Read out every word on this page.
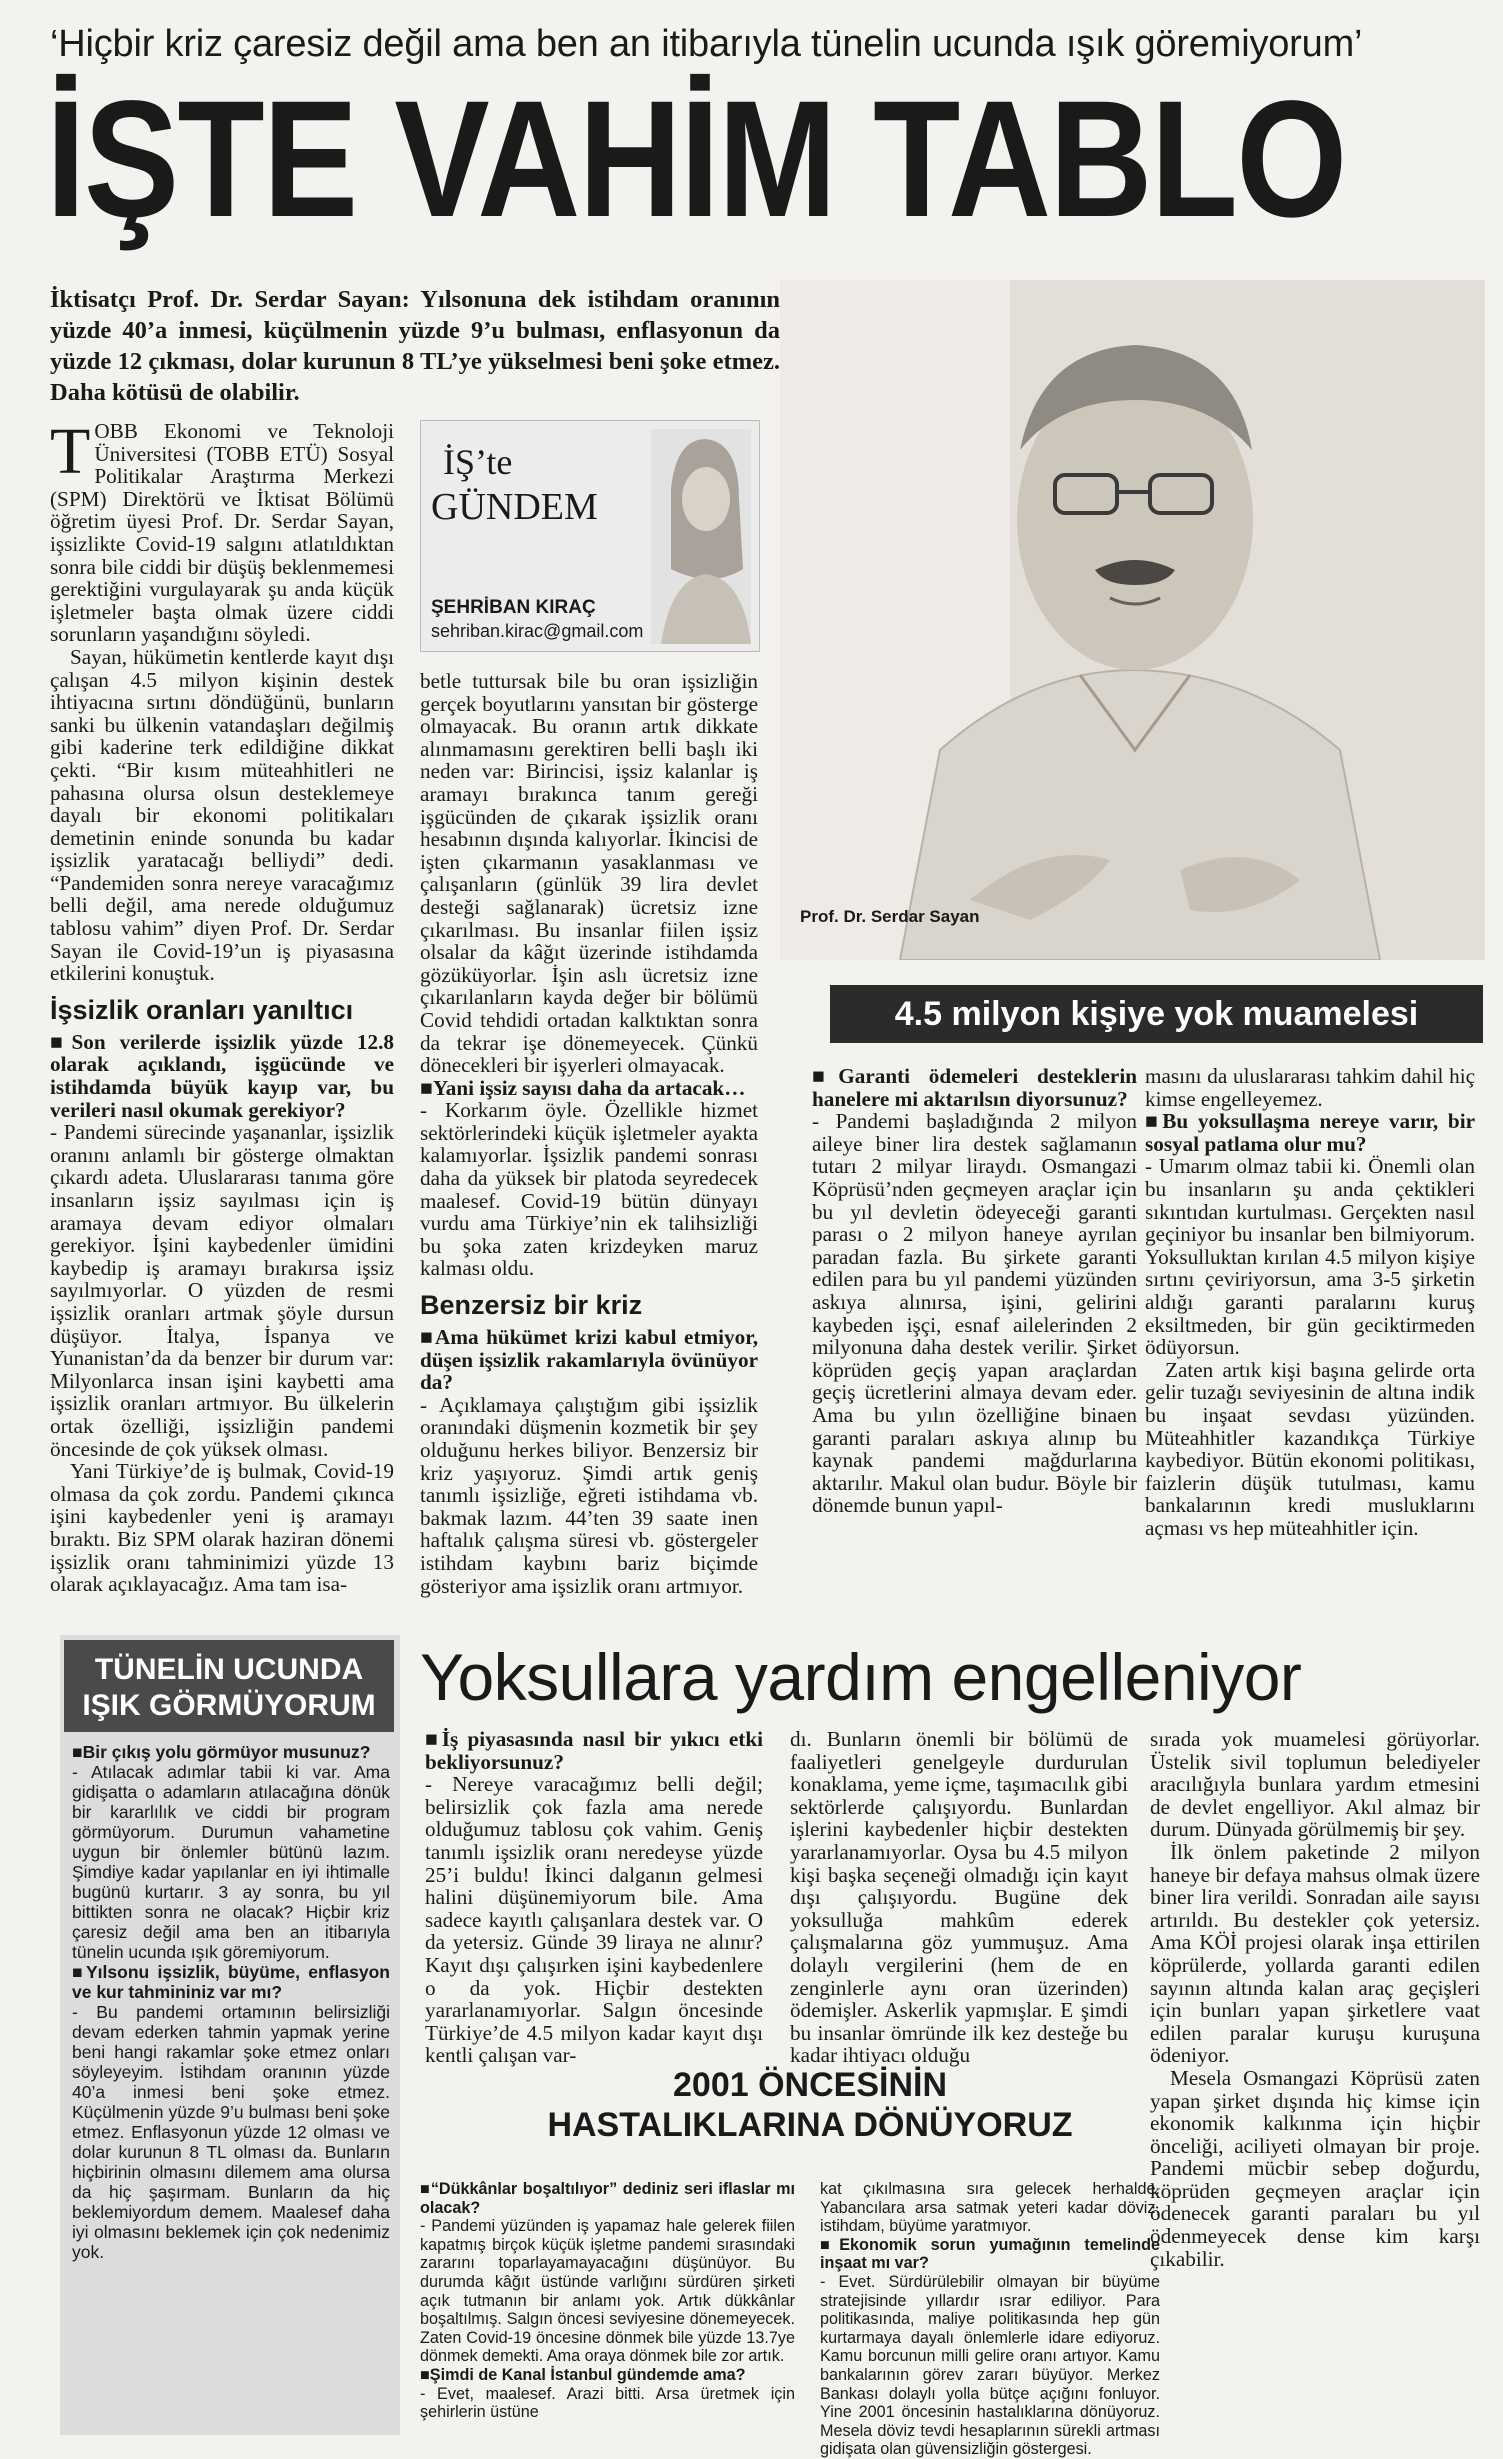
‘Hiçbir kriz çaresiz değil ama ben an itibarıyla tünelin ucunda ışık göremiyorum’
İŞTE VAHİM TABLO
İktisatçı Prof. Dr. Serdar Sayan: Yılsonuna dek istihdam oranının yüzde 40’a inmesi, küçülmenin yüzde 9’u bulması, enflasyonun da yüzde 12 çıkması, dolar kurunun 8 TL’ye yükselmesi beni şoke etmez. Daha kötüsü de olabilir.
Prof. Dr. Serdar Sayan
İŞ’te
GÜNDEM
ŞEHRİBAN KIRAÇ
sehriban.kirac@gmail.com

TOBB Ekonomi ve Teknoloji Üniversitesi (TOBB ETÜ) Sosyal Politikalar Araştırma Merkezi (SPM) Direktörü ve İktisat Bölümü öğretim üyesi Prof. Dr. Serdar Sayan, işsizlikte Covid-19 salgını atlatıldıktan sonra bile ciddi bir düşüş beklenmemesi gerektiğini vurgulayarak şu anda küçük işletmeler başta olmak üzere ciddi sorunların yaşandığını söyledi.

Sayan, hükümetin kentlerde kayıt dışı çalışan 4.5 milyon kişinin destek ihtiyacına sırtını döndüğünü, bunların sanki bu ülkenin vatandaşları değilmiş gibi kaderine terk edildiğine dikkat çekti. “Bir kısım müteahhitleri ne pahasına olursa olsun desteklemeye dayalı bir ekonomi politikaları demetinin eninde sonunda bu kadar işsizlik yaratacağı belliydi” dedi. “Pandemiden sonra nereye varacağımız belli değil, ama nerede olduğumuz tablosu vahim” diyen Prof. Dr. Serdar Sayan ile Covid-19’un iş piyasasına etkilerini konuştuk.

İşsizlik oranları yanıltıcı

■ Son verilerde işsizlik yüzde 12.8 olarak açıklandı, işgücünde ve istihdamda büyük kayıp var, bu verileri nasıl okumak gerekiyor?

- Pandemi sürecinde yaşananlar, işsizlik oranını anlamlı bir gösterge olmaktan çıkardı adeta. Uluslararası tanıma göre insanların işsiz sayılması için iş aramaya devam ediyor olmaları gerekiyor. İşini kaybedenler ümidini kaybedip iş aramayı bırakırsa işsiz sayılmıyorlar. O yüzden de resmi işsizlik oranları artmak şöyle dursun düşüyor. İtalya, İspanya ve Yunanistan’da da benzer bir durum var: Milyonlarca insan işini kaybetti ama işsizlik oranları artmıyor. Bu ülkelerin ortak özelliği, işsizliğin pandemi öncesinde de çok yüksek olması.

Yani Türkiye’de iş bulmak, Covid-19 olmasa da çok zordu. Pandemi çıkınca işini kaybedenler yeni iş aramayı bıraktı. Biz SPM olarak haziran dönemi işsizlik oranı tahminimizi yüzde 13 olarak açıklayacağız. Ama tam isa-

betle tuttursak bile bu oran işsizliğin gerçek boyutlarını yansıtan bir gösterge olmayacak. Bu oranın artık dikkate alınmamasını gerektiren belli başlı iki neden var: Birincisi, işsiz kalanlar iş aramayı bırakınca tanım gereği işgücünden de çıkarak işsizlik oranı hesabının dışında kalıyorlar. İkincisi de işten çıkarmanın yasaklanması ve çalışanların (günlük 39 lira devlet desteği sağlanarak) ücretsiz izne çıkarılması. Bu insanlar fiilen işsiz olsalar da kâğıt üzerinde istihdamda gözüküyorlar. İşin aslı ücretsiz izne çıkarılanların kayda değer bir bölümü Covid tehdidi ortadan kalktıktan sonra da tekrar işe dönemeyecek. Çünkü dönecekleri bir işyerleri olmayacak.

■ Yani işsiz sayısı daha da artacak…

- Korkarım öyle. Özellikle hizmet sektörlerindeki küçük işletmeler ayakta kalamıyorlar. İşsizlik pandemi sonrası daha da yüksek bir platoda seyredecek maalesef. Covid-19 bütün dünyayı vurdu ama Türkiye’nin ek talihsizliği bu şoka zaten krizdeyken maruz kalması oldu.

Benzersiz bir kriz

■ Ama hükümet krizi kabul etmiyor, düşen işsizlik rakamlarıyla övünüyor da?

- Açıklamaya çalıştığım gibi işsizlik oranındaki düşmenin kozmetik bir şey olduğunu herkes biliyor. Benzersiz bir kriz yaşıyoruz. Şimdi artık geniş tanımlı işsizliğe, eğreti istihdama vb. bakmak lazım. 44’ten 39 saate inen haftalık çalışma süresi vb. göstergeler istihdam kaybını bariz biçimde gösteriyor ama işsizlik oranı artmıyor.

4.5 milyon kişiye yok muamelesi

■ Garanti ödemeleri desteklerin hanelere mi aktarılsın diyorsunuz?

- Pandemi başladığında 2 milyon aileye biner lira destek sağlamanın tutarı 2 milyar liraydı. Osmangazi Köprüsü’nden geçmeyen araçlar için bu yıl devletin ödeyeceği garanti parası o 2 milyon haneye ayrılan paradan fazla. Bu şirkete garanti edilen para bu yıl pandemi yüzünden askıya alınırsa, işini, gelirini kaybeden işçi, esnaf ailelerinden 2 milyonuna daha destek verilir. Şirket köprüden geçiş yapan araçlardan geçiş ücretlerini almaya devam eder. Ama bu yılın özelliğine binaen garanti paraları askıya alınıp bu kaynak pandemi mağdurlarına aktarılır. Makul olan budur. Böyle bir dönemde bunun yapıl-

masını da uluslararası tahkim dahil hiç kimse engelleyemez.

■ Bu yoksullaşma nereye varır, bir sosyal patlama olur mu?

- Umarım olmaz tabii ki. Önemli olan bu insanların şu anda çektikleri sıkıntıdan kurtulması. Gerçekten nasıl geçiniyor bu insanlar ben bilmiyorum. Yoksulluktan kırılan 4.5 milyon kişiye sırtını çeviriyorsun, ama 3-5 şirketin aldığı garanti paralarını kuruş eksiltmeden, bir gün geciktirmeden ödüyorsun.

Zaten artık kişi başına gelirde orta gelir tuzağı seviyesinin de altına indik bu inşaat sevdası yüzünden. Müteahhitler kazandıkça Türkiye kaybediyor. Bütün ekonomi politikası, faizlerin düşük tutulması, kamu bankalarının kredi musluklarını açması vs hep müteahhitler için.

TÜNELİN UCUNDA
IŞIK GÖRMÜYORUM

■ Bir çıkış yolu görmüyor musunuz?

- Atılacak adımlar tabii ki var. Ama gidişatta o adamların atılacağına dönük bir kararlılık ve ciddi bir program görmüyorum. Durumun vahametine uygun bir önlemler bütünü lazım. Şimdiye kadar yapılanlar en iyi ihtimalle bugünü kurtarır. 3 ay sonra, bu yıl bittikten sonra ne olacak? Hiçbir kriz çaresiz değil ama ben an itibarıyla tünelin ucunda ışık göremiyorum.

■ Yılsonu işsizlik, büyüme, enflasyon ve kur tahmininiz var mı?

- Bu pandemi ortamının belirsizliği devam ederken tahmin yapmak yerine beni hangi rakamlar şoke etmez onları söyleyeyim. İstihdam oranının yüzde 40’a inmesi beni şoke etmez. Küçülmenin yüzde 9’u bulması beni şoke etmez. Enflasyonun yüzde 12 olması ve dolar kurunun 8 TL olması da. Bunların hiçbirinin olmasını dilemem ama olursa da hiç şaşırmam. Bunların da hiç beklemiyordum demem. Maalesef daha iyi olmasını beklemek için çok nedenimiz yok.

Yoksullara yardım engelleniyor

■ İş piyasasında nasıl bir yıkıcı etki bekliyorsunuz?

- Nereye varacağımız belli değil; belirsizlik çok fazla ama nerede olduğumuz tablosu çok vahim. Geniş tanımlı işsizlik oranı neredeyse yüzde 25’i buldu! İkinci dalganın gelmesi halini düşünemiyorum bile. Ama sadece kayıtlı çalışanlara destek var. O da yetersiz. Günde 39 liraya ne alınır? Kayıt dışı çalışırken işini kaybedenlere o da yok. Hiçbir destekten yararlanamıyorlar. Salgın öncesinde Türkiye’de 4.5 milyon kadar kayıt dışı kentli çalışan var-

dı. Bunların önemli bir bölümü de faaliyetleri genelgeyle durdurulan konaklama, yeme içme, taşımacılık gibi sektörlerde çalışıyordu. Bunlardan işlerini kaybedenler hiçbir destekten yararlanamıyorlar. Oysa bu 4.5 milyon kişi başka seçeneği olmadığı için kayıt dışı çalışıyordu. Bugüne dek yoksulluğa mahkûm ederek çalışmalarına göz yummuşuz. Ama dolaylı vergilerini (hem de en zenginlerle aynı oran üzerinden) ödemişler. Askerlik yapmışlar. E şimdi bu insanlar ömründe ilk kez desteğe bu kadar ihtiyacı olduğu

sırada yok muamelesi görüyorlar. Üstelik sivil toplumun belediyeler aracılığıyla bunlara yardım etmesini de devlet engelliyor. Akıl almaz bir durum. Dünyada görülmemiş bir şey.

İlk önlem paketinde 2 milyon haneye bir defaya mahsus olmak üzere biner lira verildi. Sonradan aile sayısı artırıldı. Bu destekler çok yetersiz. Ama KÖİ projesi olarak inşa ettirilen köprülerde, yollarda garanti edilen sayının altında kalan araç geçişleri için bunları yapan şirketlere vaat edilen paralar kuruşu kuruşuna ödeniyor.

Mesela Osmangazi Köprüsü zaten yapan şirket dışında hiç kimse için ekonomik kalkınma için hiçbir önceliği, aciliyeti olmayan bir proje. Pandemi mücbir sebep doğurdu, köprüden geçmeyen araçlar için ödenecek garanti paraları bu yıl ödenmeyecek dense kim karşı çıkabilir.

2001 ÖNCESİNİN
HASTALIKLARINA DÖNÜYORUZ

■ “Dükkânlar boşaltılıyor” dediniz seri iflaslar mı olacak?

- Pandemi yüzünden iş yapamaz hale gelerek fiilen kapatmış birçok küçük işletme pandemi sırasındaki zararını toparlayamayacağını düşünüyor. Bu durumda kâğıt üstünde varlığını sürdüren şirketi açık tutmanın bir anlamı yok. Artık dükkânlar boşaltılmış. Salgın öncesi seviyesine dönemeyecek. Zaten Covid-19 öncesine dönmek bile yüzde 13.7ye dönmek demekti. Ama oraya dönmek bile zor artık.

■ Şimdi de Kanal İstanbul gündemde ama?

- Evet, maalesef. Arazi bitti. Arsa üretmek için şehirlerin üstüne

kat çıkılmasına sıra gelecek herhalde. Yabancılara arsa satmak yeteri kadar döviz, istihdam, büyüme yaratmıyor.

■ Ekonomik sorun yumağının temelinde inşaat mı var?

- Evet. Sürdürülebilir olmayan bir büyüme stratejisinde yıllardır ısrar ediliyor. Para politikasında, maliye politikasında hep gün kurtarmaya dayalı önlemlerle idare ediyoruz. Kamu borcunun milli gelire oranı artıyor. Kamu bankalarının görev zararı büyüyor. Merkez Bankası dolaylı yolla bütçe açığını fonluyor. Yine 2001 öncesinin hastalıklarına dönüyoruz. Mesela döviz tevdi hesaplarının sürekli artması gidişata olan güvensizliğin göstergesi.
